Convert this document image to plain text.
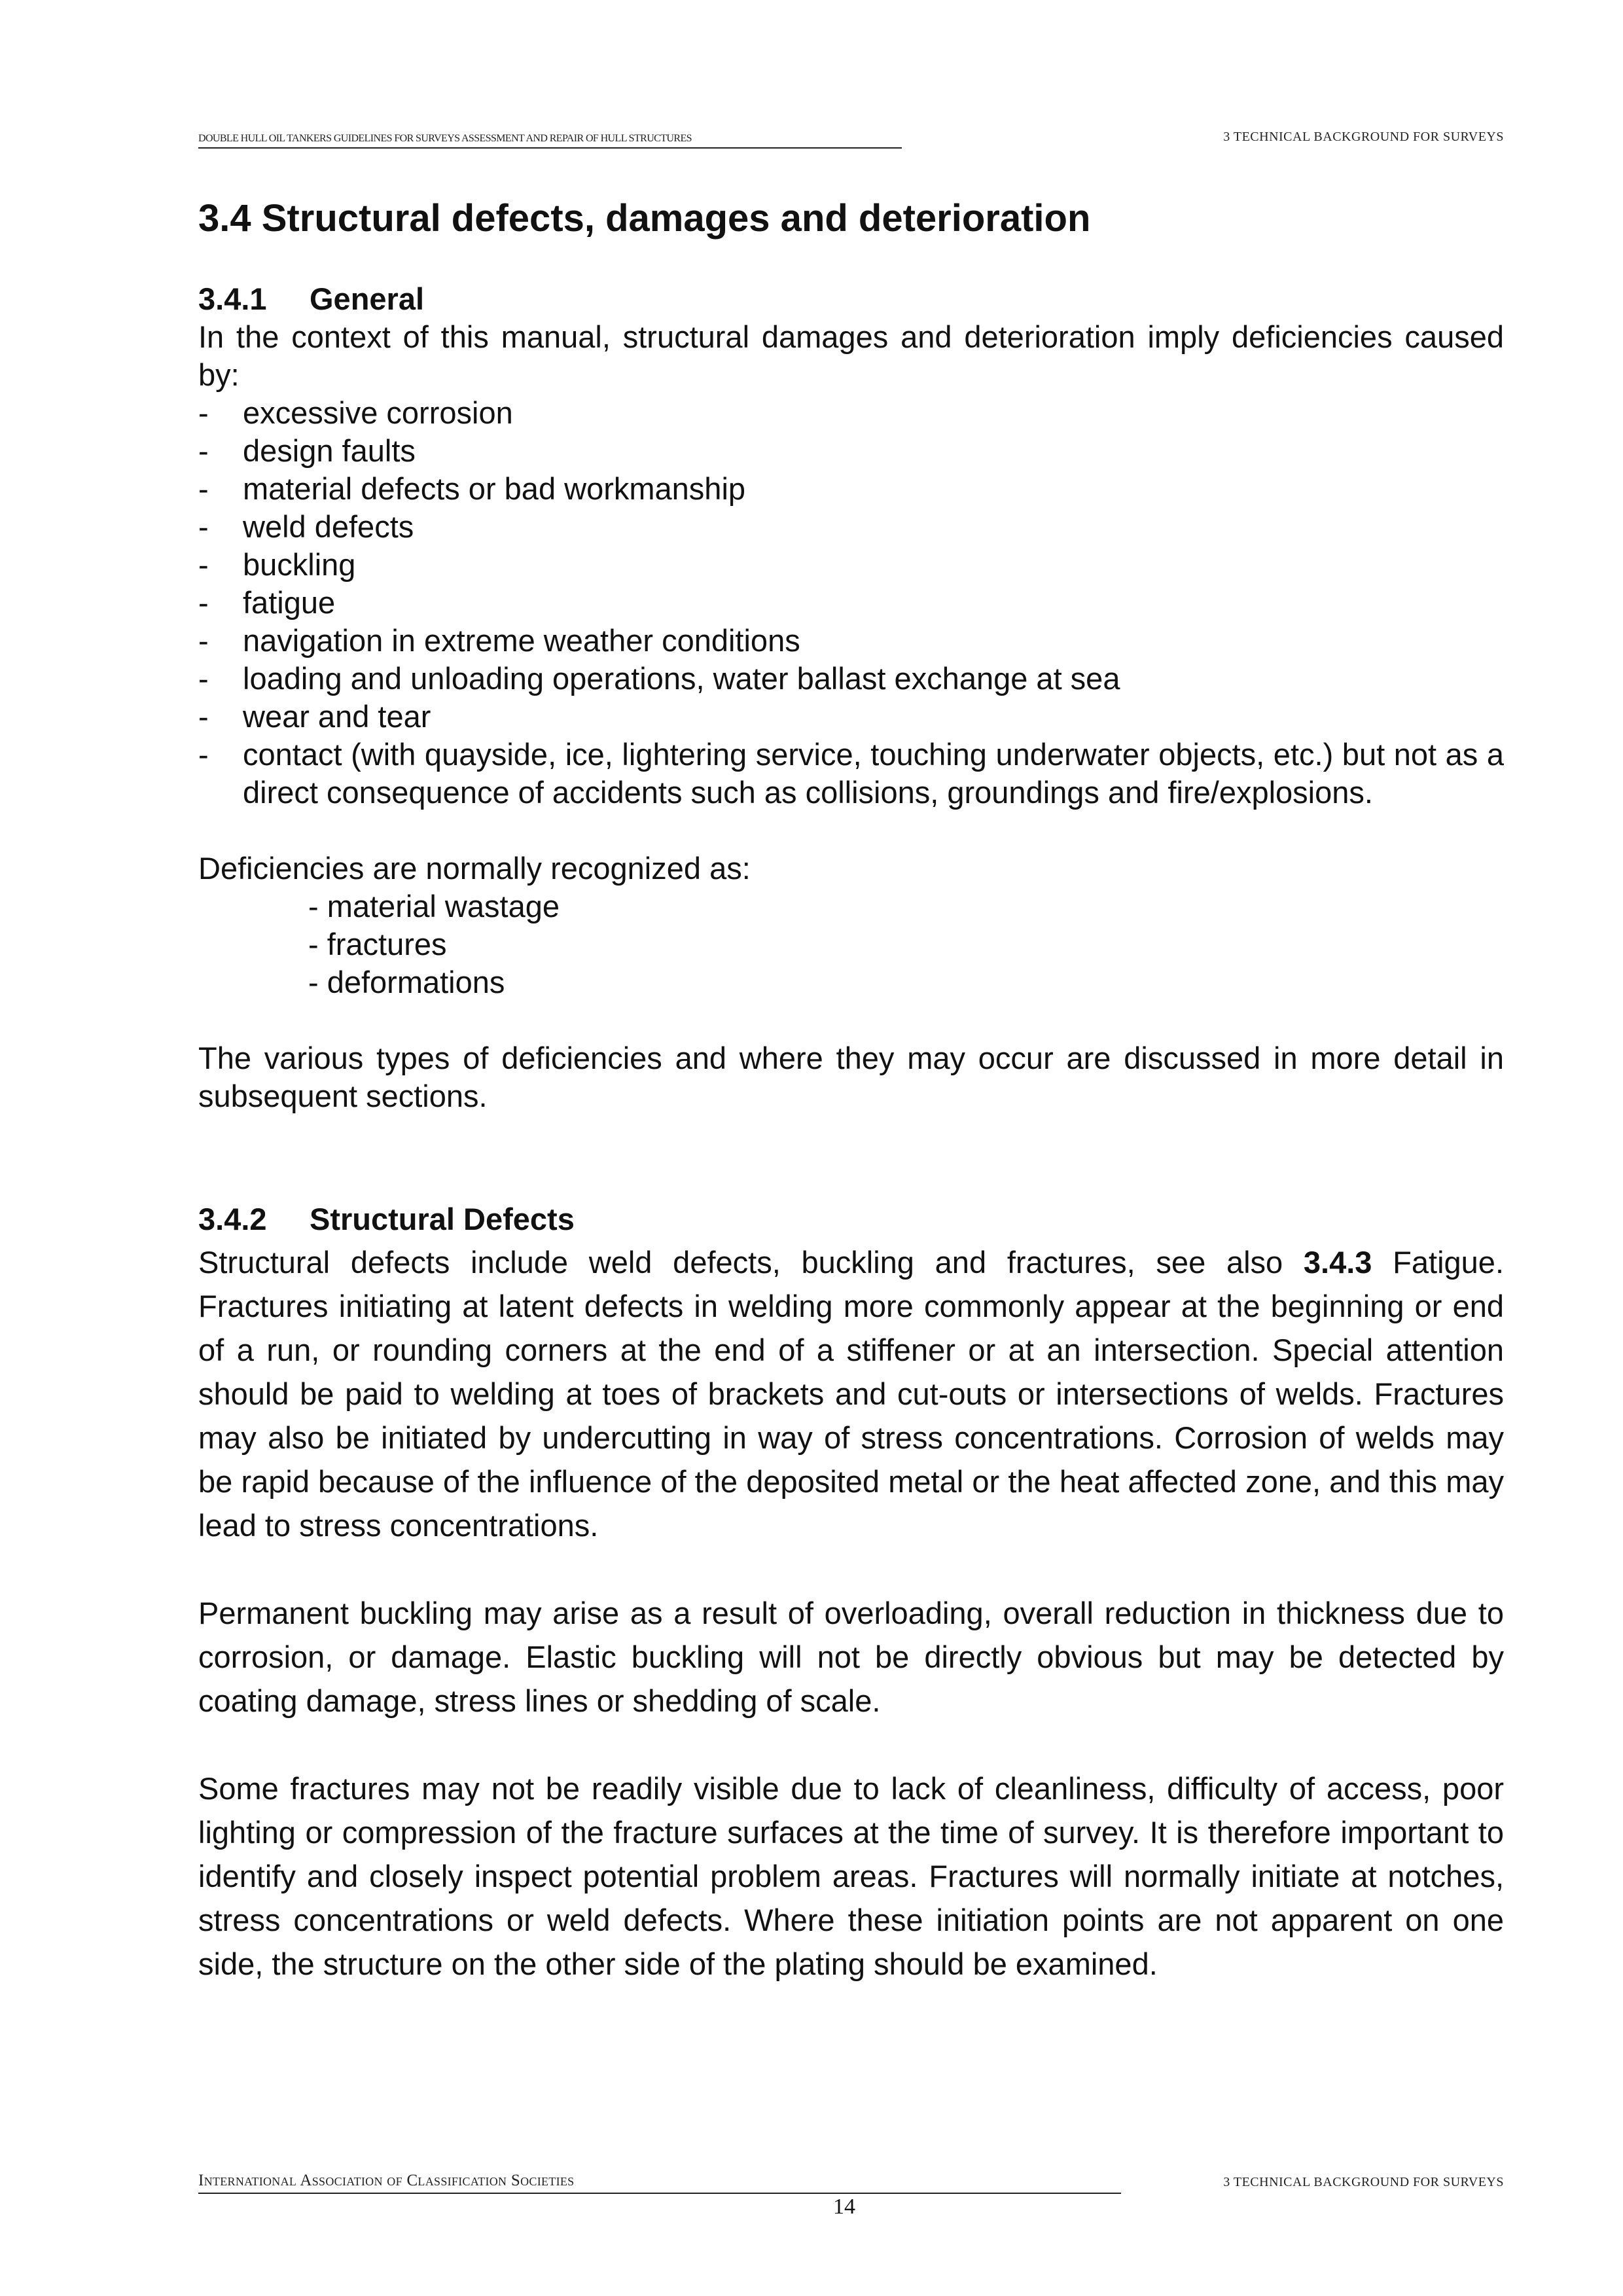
DOUBLE HULL OIL TANKERS GUIDELINES FOR SURVEYS ASSESSMENT AND REPAIR OF HULL STRUCTURES	3 TECHNICAL BACKGROUND FOR SURVEYS
3.4 Structural defects, damages and deterioration
3.4.1 General

In the context of this manual, structural damages and deterioration imply deficiencies caused by:

- excessive corrosion
- design faults
- material defects or bad workmanship
- weld defects
- buckling
- fatigue
- navigation in extreme weather conditions
- loading and unloading operations, water ballast exchange at sea
- wear and tear
- contact (with quayside, ice, lightering service, touching underwater objects, etc.) but not as a direct consequence of accidents such as collisions, groundings and fire/explosions.

Deficiencies are normally recognized as:

- material wastage
- fractures
- deformations

The various types of deficiencies and where they may occur are discussed in more detail in subsequent sections.

3.4.2 Structural Defects

Structural defects include weld defects, buckling and fractures, see also 3.4.3 Fatigue. Fractures initiating at latent defects in welding more commonly appear at the beginning or end of a run, or rounding corners at the end of a stiffener or at an intersection. Special attention should be paid to welding at toes of brackets and cut-outs or intersections of welds. Fractures may also be initiated by undercutting in way of stress concentrations. Corrosion of welds may be rapid because of the influence of the deposited metal or the heat affected zone, and this may lead to stress concentrations.

Permanent buckling may arise as a result of overloading, overall reduction in thickness due to corrosion, or damage. Elastic buckling will not be directly obvious but may be detected by coating damage, stress lines or shedding of scale.

Some fractures may not be readily visible due to lack of cleanliness, difficulty of access, poor lighting or compression of the fracture surfaces at the time of survey. It is therefore important to identify and closely inspect potential problem areas. Fractures will normally initiate at notches, stress concentrations or weld defects. Where these initiation points are not apparent on one side, the structure on the other side of the plating should be examined.

International Association of Classification Societies	3 TECHNICAL BACKGROUND FOR SURVEYS
14
